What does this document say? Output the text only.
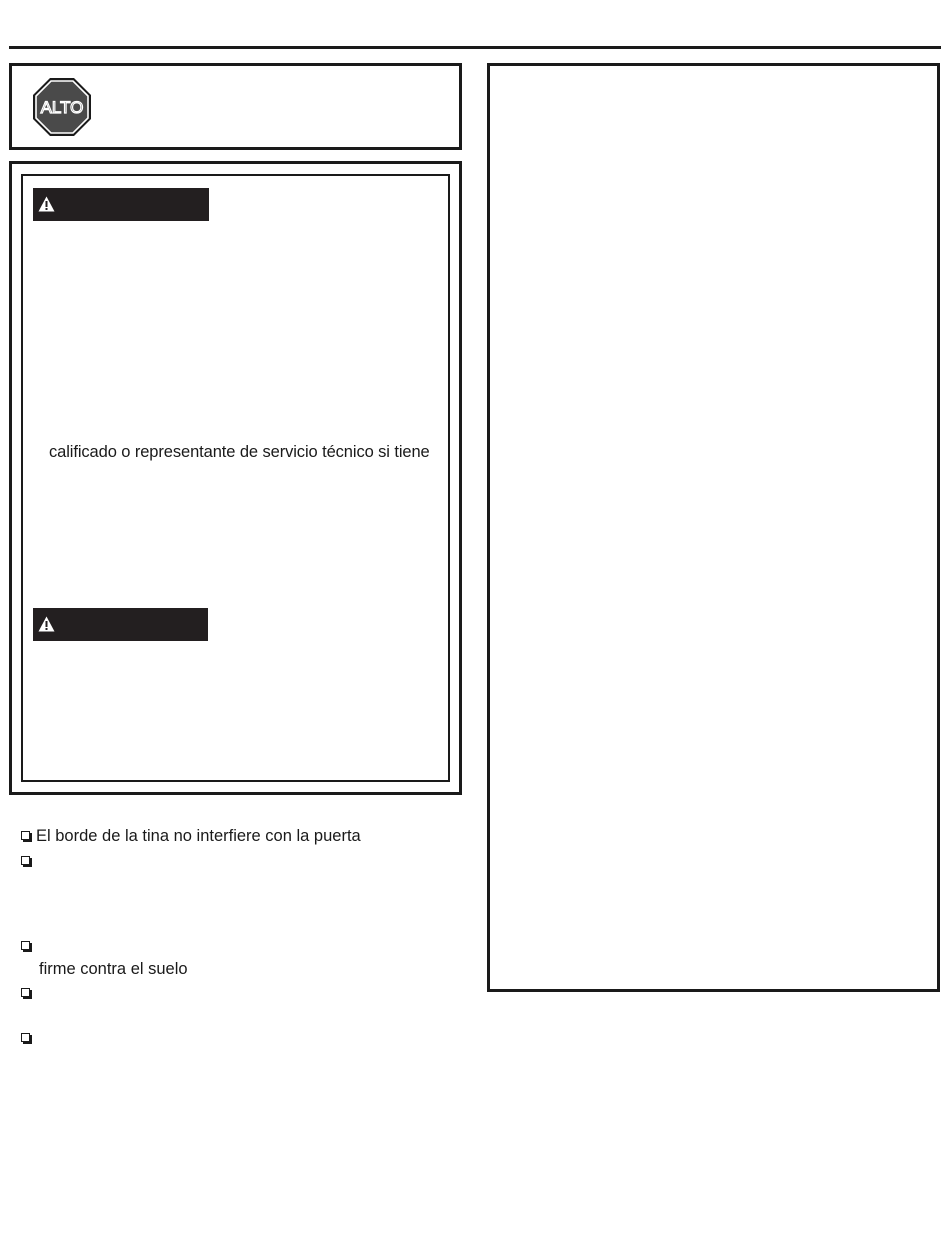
ALTO
calificado o representante de servicio técnico si tiene
El borde de la tina no interfiere con la puerta
firme contra el suelo
